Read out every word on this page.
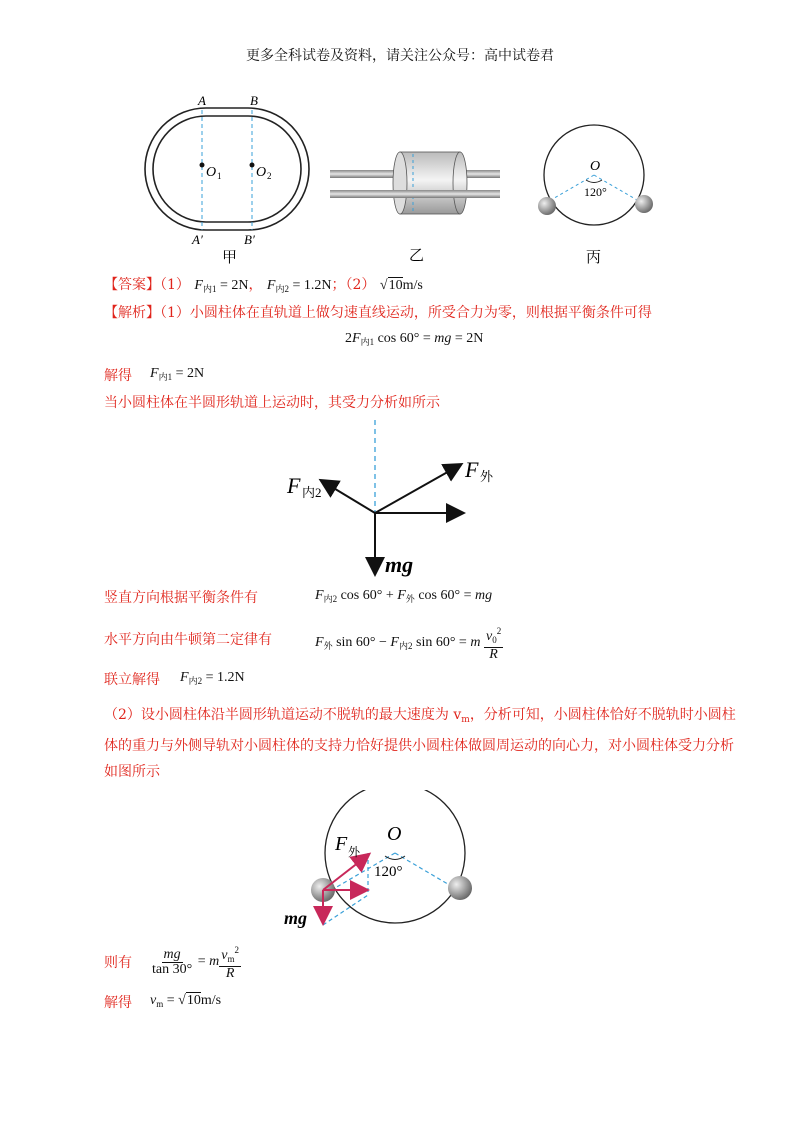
更多全科试卷及资料，请关注公众号：高中试卷君
A	B
A′	B′
O 1 O 2
甲	乙
O
120°
丙
【答案】（1） $F_{内1} = 2N$， $F_{内2} = 1.2N$；（2） √10m/s
【解析】（1）小圆柱体在直轨道上做匀速直线运动，所受合力为零，则根据平衡条件可得
$2F_{内1}$ cos 60° = mg = 2N
解得 $F_{内1} = 2N$
当小圆柱体在半圆形轨道上运动时，其受力分析如所示
F 内2
F 外
mg
竖直方向根据平衡条件有	$F_{内2}$ $\cos 60^\circ + F_外$ cos 60° = mg
水平方向由牛顿第二定律有	$F_外$ $\sin 60^\circ - F_{内2}$ sin 60° = m $\frac{v_0^2}{R}$
联立解得 $F_{内2} = 1.2N$
（2）设小圆柱体沿半圆形轨道运动不脱轨的最大速度为 $v_m$，分析可知，小圆柱体恰好不脱轨时小圆柱体的重力与外侧导轨对小圆柱体的支持力恰好提供小圆柱体做圆周运动的向心力，对小圆柱体受力分析如图所示
O
120°
F 外
mg
则有 $\frac{mg}{\tan 30^\circ} = m \frac{v_m^2}{R}$
解得 $v_m = √10m/s$
